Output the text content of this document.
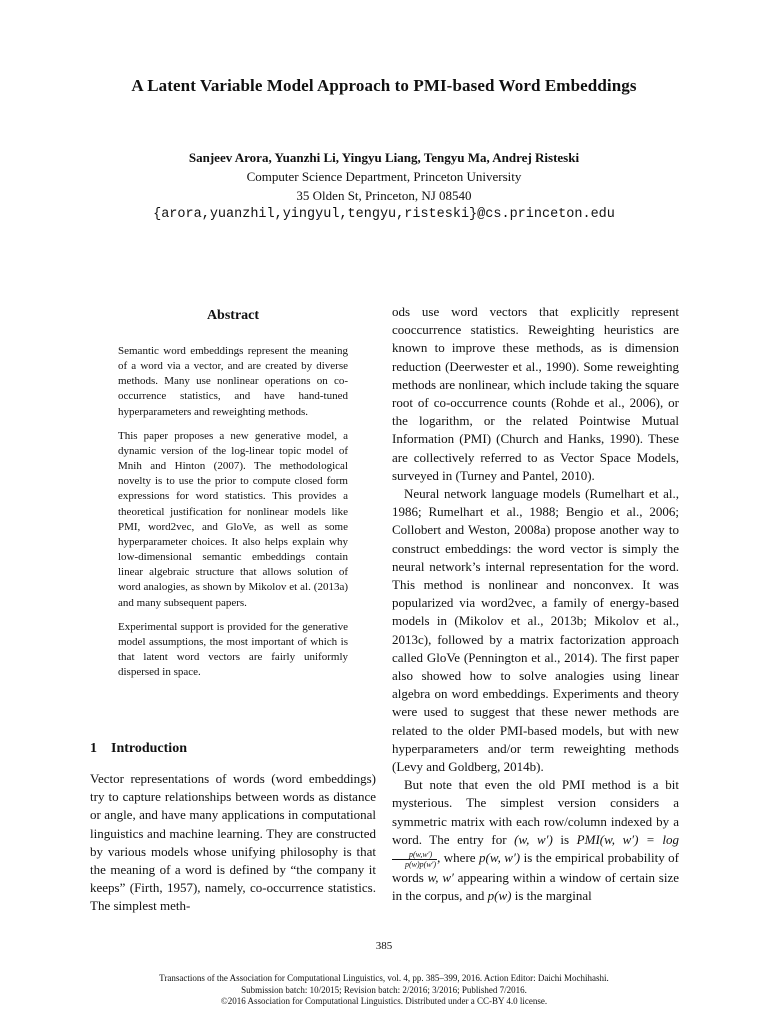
A Latent Variable Model Approach to PMI-based Word Embeddings
Sanjeev Arora, Yuanzhi Li, Yingyu Liang, Tengyu Ma, Andrej Risteski
Computer Science Department, Princeton University
35 Olden St, Princeton, NJ 08540
{arora,yuanzhil,yingyul,tengyu,risteski}@cs.princeton.edu
Abstract

Semantic word embeddings represent the meaning of a word via a vector, and are created by diverse methods. Many use nonlinear operations on co-occurrence statistics, and have hand-tuned hyperparameters and reweighting methods.

This paper proposes a new generative model, a dynamic version of the log-linear topic model of Mnih and Hinton (2007). The methodological novelty is to use the prior to compute closed form expressions for word statistics. This provides a theoretical justification for nonlinear models like PMI, word2vec, and GloVe, as well as some hyperparameter choices. It also helps explain why low-dimensional semantic embeddings contain linear algebraic structure that allows solution of word analogies, as shown by Mikolov et al. (2013a) and many subsequent papers.

Experimental support is provided for the generative model assumptions, the most important of which is that latent word vectors are fairly uniformly dispersed in space.

1 Introduction
Vector representations of words (word embeddings) try to capture relationships between words as distance or angle, and have many applications in computational linguistics and machine learning. They are constructed by various models whose unifying philosophy is that the meaning of a word is defined by “the company it keeps” (Firth, 1957), namely, co-occurrence statistics. The simplest meth-

ods use word vectors that explicitly represent cooccurrence statistics. Reweighting heuristics are known to improve these methods, as is dimension reduction (Deerwester et al., 1990). Some reweighting methods are nonlinear, which include taking the square root of co-occurrence counts (Rohde et al., 2006), or the logarithm, or the related Pointwise Mutual Information (PMI) (Church and Hanks, 1990). These are collectively referred to as Vector Space Models, surveyed in (Turney and Pantel, 2010).

Neural network language models (Rumelhart et al., 1986; Rumelhart et al., 1988; Bengio et al., 2006; Collobert and Weston, 2008a) propose another way to construct embeddings: the word vector is simply the neural network’s internal representation for the word. This method is nonlinear and nonconvex. It was popularized via word2vec, a family of energy-based models in (Mikolov et al., 2013b; Mikolov et al., 2013c), followed by a matrix factorization approach called GloVe (Pennington et al., 2014). The first paper also showed how to solve analogies using linear algebra on word embeddings. Experiments and theory were used to suggest that these newer methods are related to the older PMI-based models, but with new hyperparameters and/or term reweighting methods (Levy and Goldberg, 2014b).

But note that even the old PMI method is a bit mysterious. The simplest version considers a symmetric matrix with each row/column indexed by a word. The entry for (w, w′) is PMI(w, w′) = log
$\frac{p(w,w')}{p(w)p(w')}$ , where p(w, w′) is the empirical probability of words w, w′ appearing within a window of certain size in the corpus, and p(w) is the marginal

385
Transactions of the Association for Computational Linguistics, vol. 4, pp. 385–399, 2016. Action Editor: Daichi Mochihashi.
Submission batch: 10/2015; Revision batch: 2/2016; 3/2016; Published 7/2016.
©2016 Association for Computational Linguistics. Distributed under a CC-BY 4.0 license.
